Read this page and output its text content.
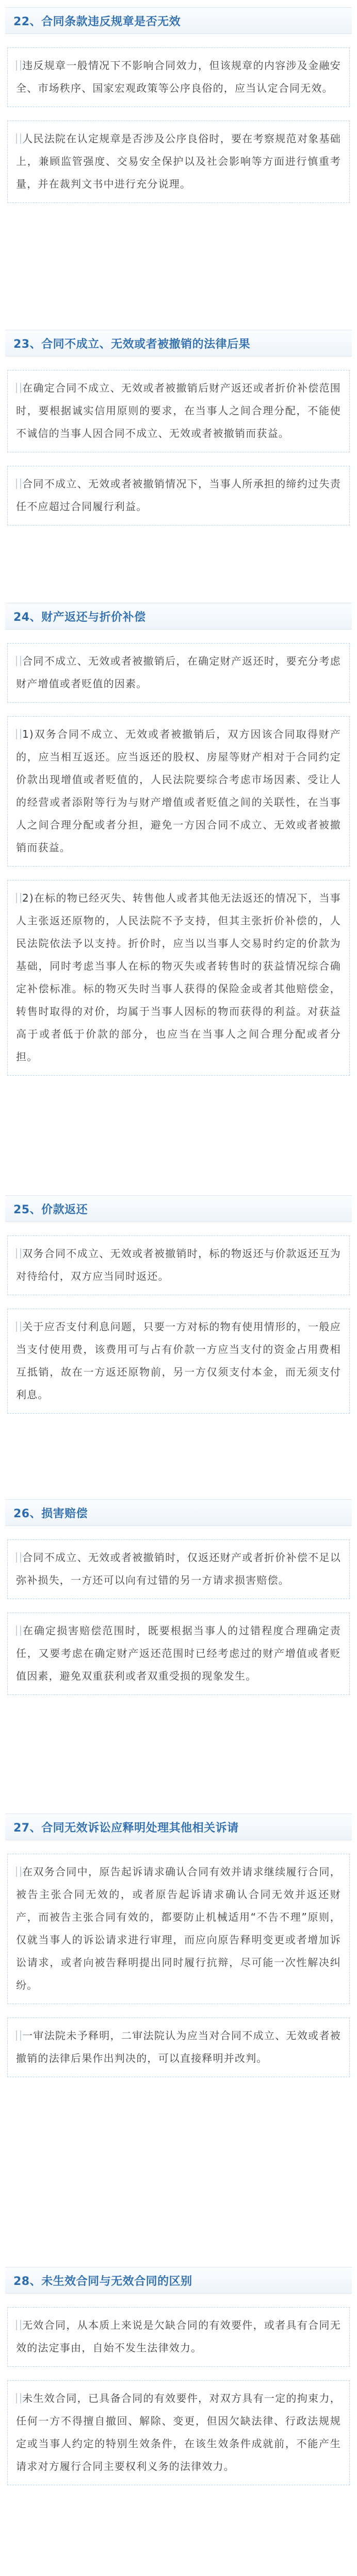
22、合同条款违反规章是否无效

违反规章一般情况下不影响合同效力，但该规章的内容涉及金融安全、市场秩序、国家宏观政策等公序良俗的，应当认定合同无效。

人民法院在认定规章是否涉及公序良俗时，要在考察规范对象基础上，兼顾监管强度、交易安全保护以及社会影响等方面进行慎重考量，并在裁判文书中进行充分说理。

23、合同不成立、无效或者被撤销的法律后果

在确定合同不成立、无效或者被撤销后财产返还或者折价补偿范围时，要根据诚实信用原则的要求，在当事人之间合理分配，不能使不诚信的当事人因合同不成立、无效或者被撤销而获益。

合同不成立、无效或者被撤销情况下，当事人所承担的缔约过失责任不应超过合同履行利益。

24、财产返还与折价补偿

合同不成立、无效或者被撤销后，在确定财产返还时，要充分考虑财产增值或者贬值的因素。

1)双务合同不成立、无效或者被撤销后，双方因该合同取得财产的，应当相互返还。应当返还的股权、房屋等财产相对于合同约定价款出现增值或者贬值的，人民法院要综合考虑市场因素、受让人的经营或者添附等行为与财产增值或者贬值之间的关联性，在当事人之间合理分配或者分担，避免一方因合同不成立、无效或者被撤销而获益。

2)在标的物已经灭失、转售他人或者其他无法返还的情况下，当事人主张返还原物的，人民法院不予支持，但其主张折价补偿的，人民法院依法予以支持。折价时，应当以当事人交易时约定的价款为基础，同时考虑当事人在标的物灭失或者转售时的获益情况综合确定补偿标准。标的物灭失时当事人获得的保险金或者其他赔偿金，转售时取得的对价，均属于当事人因标的物而获得的利益。对获益高于或者低于价款的部分，也应当在当事人之间合理分配或者分担。

25、价款返还

双务合同不成立、无效或者被撤销时，标的物返还与价款返还互为对待给付，双方应当同时返还。

关于应否支付利息问题，只要一方对标的物有使用情形的，一般应当支付使用费，该费用可与占有价款一方应当支付的资金占用费相互抵销，故在一方返还原物前，另一方仅须支付本金，而无须支付利息。

26、损害赔偿

合同不成立、无效或者被撤销时，仅返还财产或者折价补偿不足以弥补损失，一方还可以向有过错的另一方请求损害赔偿。

在确定损害赔偿范围时，既要根据当事人的过错程度合理确定责任，又要考虑在确定财产返还范围时已经考虑过的财产增值或者贬值因素，避免双重获利或者双重受损的现象发生。

27、合同无效诉讼应释明处理其他相关诉请

在双务合同中，原告起诉请求确认合同有效并请求继续履行合同，被告主张合同无效的，或者原告起诉请求确认合同无效并返还财产，而被告主张合同有效的，都要防止机械适用“不告不理”原则，仅就当事人的诉讼请求进行审理，而应向原告释明变更或者增加诉讼请求，或者向被告释明提出同时履行抗辩，尽可能一次性解决纠纷。

一审法院未予释明，二审法院认为应当对合同不成立、无效或者被撤销的法律后果作出判决的，可以直接释明并改判。

28、未生效合同与无效合同的区别

无效合同，从本质上来说是欠缺合同的有效要件，或者具有合同无效的法定事由，自始不发生法律效力。

未生效合同，已具备合同的有效要件，对双方具有一定的拘束力，任何一方不得擅自撤回、解除、变更，但因欠缺法律、行政法规规定或当事人约定的特别生效条件，在该生效条件成就前，不能产生请求对方履行合同主要权利义务的法律效力。
